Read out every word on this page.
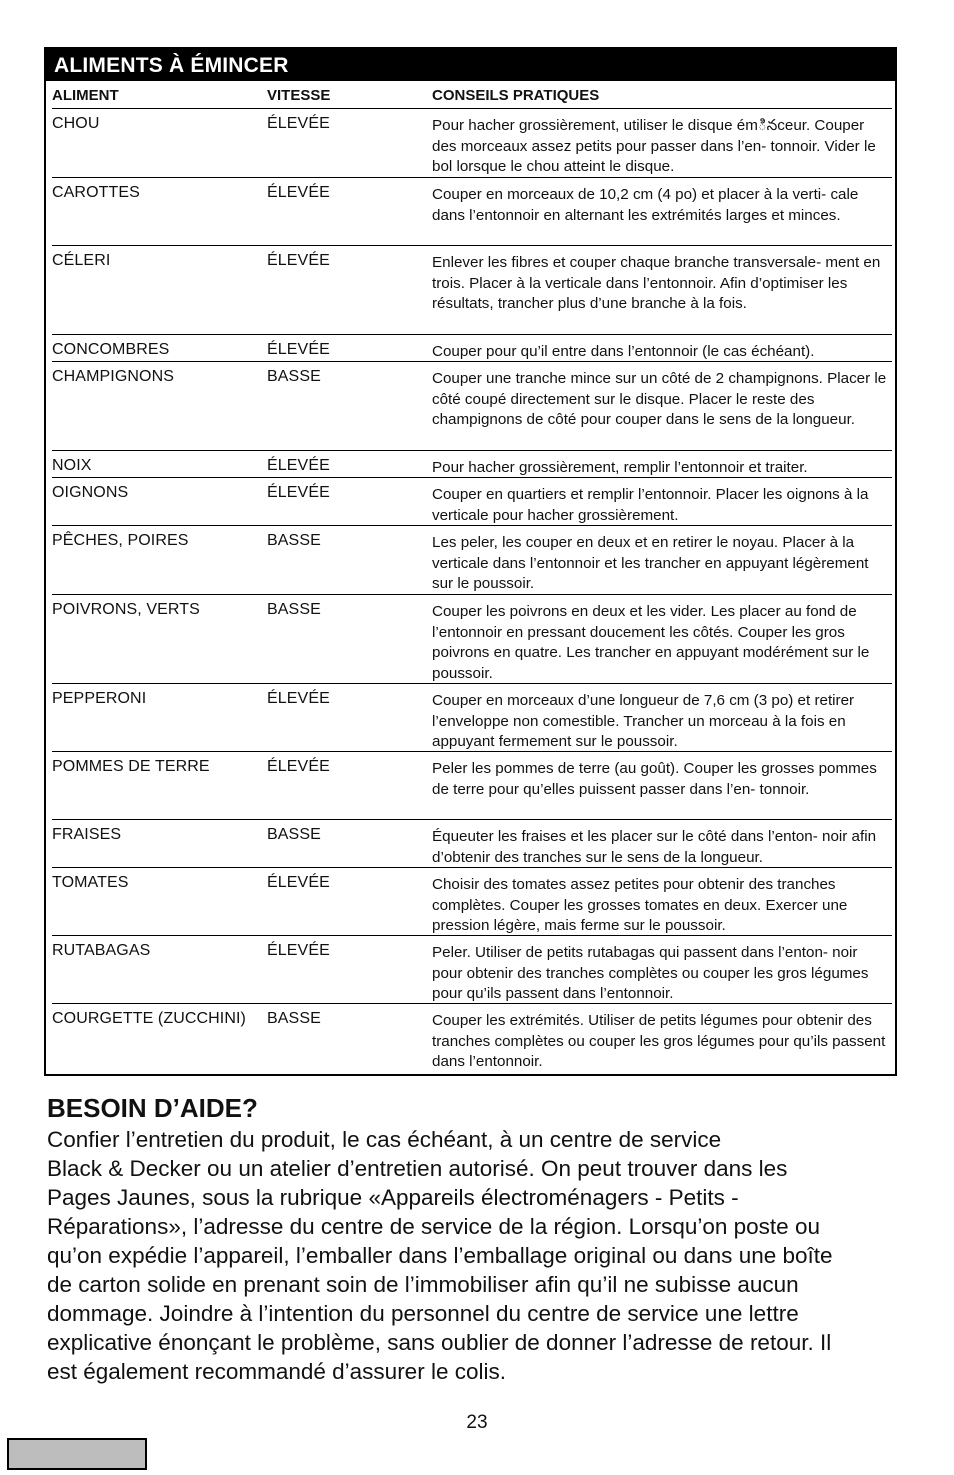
ALIMENTS À ÉMINCER
ALIMENT	VITESSE	CONSEILS PRATIQUES
CHOU	ÉLEVÉE	Pour hacher grossièrement, utiliser le disque émినceur. Couper des morceaux assez petits pour passer dans l’en- tonnoir. Vider le bol lorsque le chou atteint le disque.
CAROTTES	ÉLEVÉE	Couper en morceaux de 10,2 cm (4 po) et placer à la verti- cale dans l’entonnoir en alternant les extrémités larges et minces.
CÉLERI	ÉLEVÉE	Enlever les fibres et couper chaque branche transversale- ment en trois. Placer à la verticale dans l’entonnoir. Afin d’optimiser les résultats, trancher plus d’une branche à la fois.
CONCOMBRES	ÉLEVÉE	Couper pour qu’il entre dans l’entonnoir (le cas échéant).
CHAMPIGNONS	BASSE	Couper une tranche mince sur un côté de 2 champignons. Placer le côté coupé directement sur le disque. Placer le reste des champignons de côté pour couper dans le sens de la longueur.
NOIX	ÉLEVÉE	Pour hacher grossièrement, remplir l’entonnoir et traiter.
OIGNONS	ÉLEVÉE	Couper en quartiers et remplir l’entonnoir. Placer les oignons à la verticale pour hacher grossièrement.
PÊCHES, POIRES	BASSE	Les peler, les couper en deux et en retirer le noyau. Placer à la verticale dans l’entonnoir et les trancher en appuyant légèrement sur le poussoir.
POIVRONS, VERTS	BASSE	Couper les poivrons en deux et les vider. Les placer au fond de l’entonnoir en pressant doucement les côtés. Couper les gros poivrons en quatre. Les trancher en appuyant modérément sur le poussoir.
PEPPERONI	ÉLEVÉE	Couper en morceaux d’une longueur de 7,6 cm (3 po) et retirer l’enveloppe non comestible. Trancher un morceau à la fois en appuyant fermement sur le poussoir.
POMMES DE TERRE	ÉLEVÉE	Peler les pommes de terre (au goût). Couper les grosses pommes de terre pour qu’elles puissent passer dans l’en- tonnoir.
FRAISES	BASSE	Équeuter les fraises et les placer sur le côté dans l’enton- noir afin d’obtenir des tranches sur le sens de la longueur.
TOMATES	ÉLEVÉE	Choisir des tomates assez petites pour obtenir des tranches complètes. Couper les grosses tomates en deux. Exercer une pression légère, mais ferme sur le poussoir.
RUTABAGAS	ÉLEVÉE	Peler. Utiliser de petits rutabagas qui passent dans l’enton- noir pour obtenir des tranches complètes ou couper les gros légumes pour qu’ils passent dans l’entonnoir.
COURGETTE (ZUCCHINI) BASSE	Couper les extrémités. Utiliser de petits légumes pour obtenir des tranches complètes ou couper les gros légumes pour qu’ils passent dans l’entonnoir.
BESOIN D’AIDE?
Confier l’entretien du produit, le cas échéant, à un centre de service
Black & Decker ou un atelier d’entretien autorisé. On peut trouver dans les
Pages Jaunes, sous la rubrique «Appareils électroménagers - Petits -
Réparations», l’adresse du centre de service de la région. Lorsqu’on poste ou
qu’on expédie l’appareil, l’emballer dans l’emballage original ou dans une boîte
de carton solide en prenant soin de l’immobiliser afin qu’il ne subisse aucun
dommage. Joindre à l’intention du personnel du centre de service une lettre
explicative énonçant le problème, sans oublier de donner l’adresse de retour. Il
est également recommandé d’assurer le colis.
23
